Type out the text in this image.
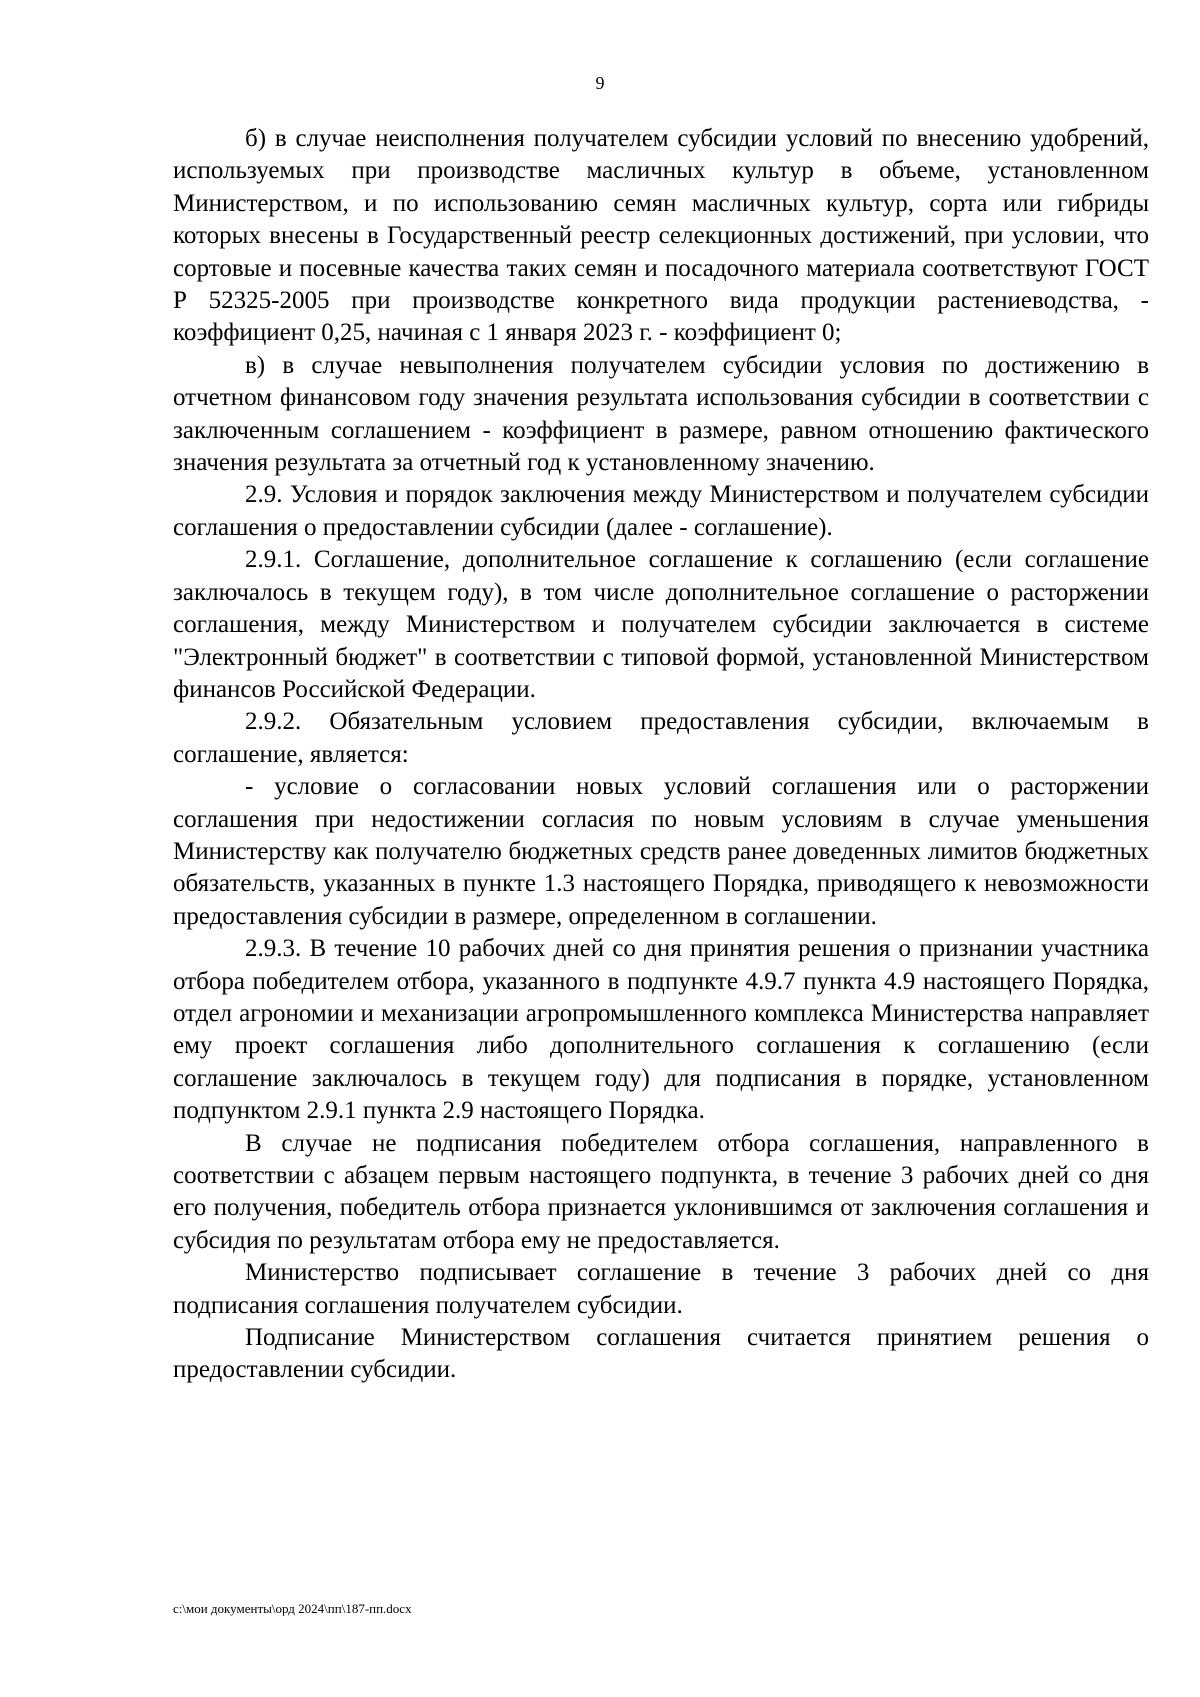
9

б) в случае неисполнения получателем субсидии условий по внесению удобрений, используемых при производстве масличных культур в объеме, установленном Министерством, и по использованию семян масличных культур, сорта или гибриды которых внесены в Государственный реестр селекционных достижений, при условии, что сортовые и посевные качества таких семян и посадочного материала соответствуют ГОСТ Р 52325-2005 при производстве конкретного вида продукции растениеводства, - коэффициент 0,25, начиная с 1 января 2023 г. - коэффициент 0;

в) в случае невыполнения получателем субсидии условия по достижению в отчетном финансовом году значения результата использования субсидии в соответствии с заключенным соглашением - коэффициент в размере, равном отношению фактического значения результата за отчетный год к установленному значению.

2.9. Условия и порядок заключения между Министерством и получателем субсидии соглашения о предоставлении субсидии (далее - соглашение).

2.9.1. Соглашение, дополнительное соглашение к соглашению (если соглашение заключалось в текущем году), в том числе дополнительное соглашение о расторжении соглашения, между Министерством и получателем субсидии заключается в системе "Электронный бюджет" в соответствии с типовой формой, установленной Министерством финансов Российской Федерации.

2.9.2. Обязательным условием предоставления субсидии, включаемым в соглашение, является:

- условие о согласовании новых условий соглашения или о расторжении соглашения при недостижении согласия по новым условиям в случае уменьшения Министерству как получателю бюджетных средств ранее доведенных лимитов бюджетных обязательств, указанных в пункте 1.3 настоящего Порядка, приводящего к невозможности предоставления субсидии в размере, определенном в соглашении.

2.9.3. В течение 10 рабочих дней со дня принятия решения о признании участника отбора победителем отбора, указанного в подпункте 4.9.7 пункта 4.9 настоящего Порядка, отдел агрономии и механизации агропромышленного комплекса Министерства направляет ему проект соглашения либо дополнительного соглашения к соглашению (если соглашение заключалось в текущем году) для подписания в порядке, установленном подпунктом 2.9.1 пункта 2.9 настоящего Порядка.

В случае не подписания победителем отбора соглашения, направленного в соответствии с абзацем первым настоящего подпункта, в течение 3 рабочих дней со дня его получения, победитель отбора признается уклонившимся от заключения соглашения и субсидия по результатам отбора ему не предоставляется.

Министерство подписывает соглашение в течение 3 рабочих дней со дня подписания соглашения получателем субсидии.

Подписание Министерством соглашения считается принятием решения о предоставлении субсидии.

c:\мои документы\орд 2024\пп\187-пп.docx
